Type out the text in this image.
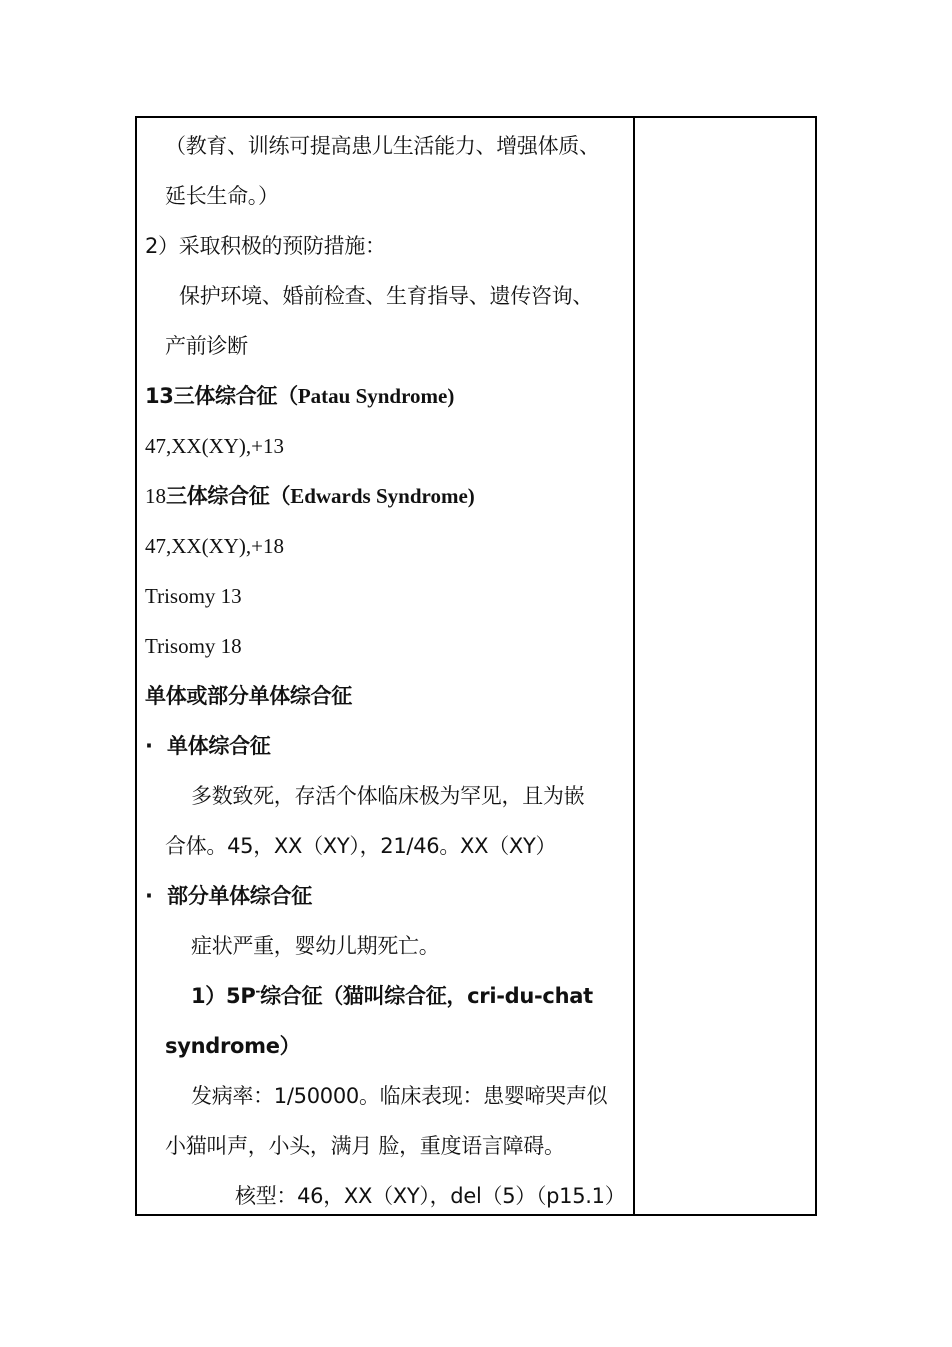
（教育、训练可提高患儿生活能力、增强体质、
延长生命。）
2）采取积极的预防措施：
保护环境、婚前检查、生育指导、遗传咨询、
产前诊断
13三体综合征（Patau Syndrome)
47,XX(XY),+13
18三体综合征（Edwards Syndrome)
47,XX(XY),+18
Trisomy 13
Trisomy 18
单体或部分单体综合征
· 单体综合征
多数致死，存活个体临床极为罕见，且为嵌
合体。45，XX（XY），21/46。XX（XY）
· 部分单体综合征
症状严重，婴幼儿期死亡。
1）5P-综合征（猫叫综合征，cri-du-chat
syndrome）
发病率：1/50000。临床表现：患婴啼哭声似
小猫叫声，小头，满月 脸，重度语言障碍。
核型：46，XX（XY），del（5）（p15.1）
